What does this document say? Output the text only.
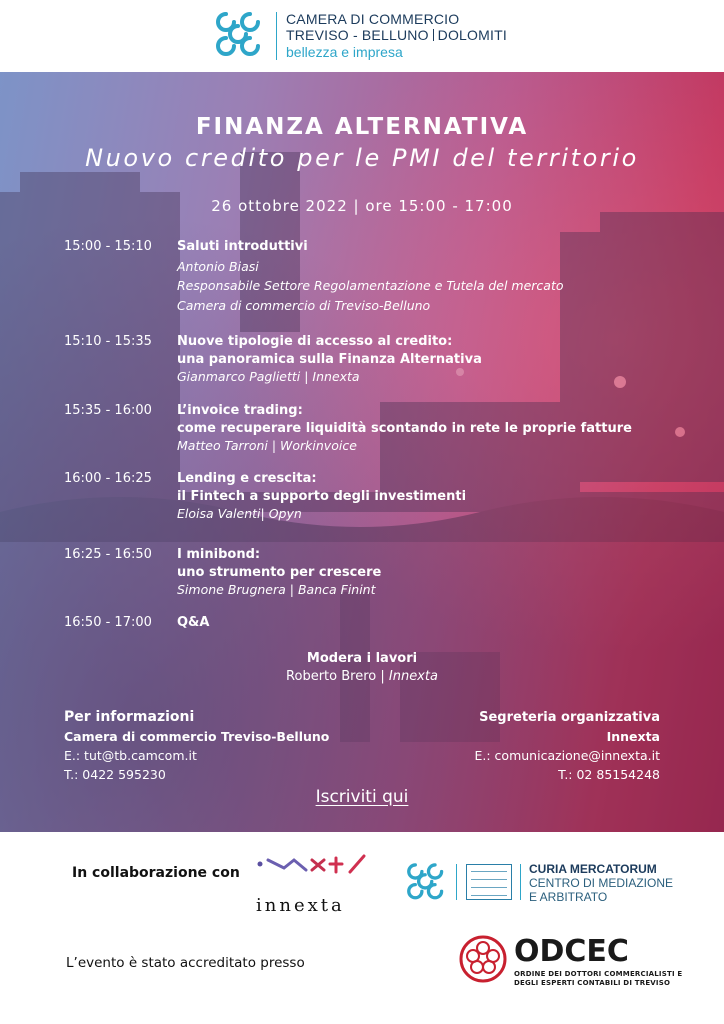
CAMERA DI COMMERCIO
TREVISO - BELLUNO DOLOMITI
bellezza e impresa
FINANZA ALTERNATIVA
Nuovo credito per le PMI del territorio
26 ottobre 2022 | ore 15:00 - 17:00
15:00 - 15:10	Saluti introduttivi
Antonio Biasi
Responsabile Settore Regolamentazione e Tutela del mercato
Camera di commercio di Treviso-Belluno
15:10 - 15:35	Nuove tipologie di accesso al credito:
una panoramica sulla Finanza Alternativa
Gianmarco Paglietti | Innexta
15:35 - 16:00	L’invoice trading:
come recuperare liquidità scontando in rete le proprie fatture
Matteo Tarroni | Workinvoice
16:00 - 16:25	Lending e crescita:
il Fintech a supporto degli investimenti
Eloisa Valenti| Opyn
16:25 - 16:50	I minibond:
uno strumento per crescere
Simone Brugnera | Banca Finint
16:50 - 17:00	Q&A
Modera i lavori
Roberto Brero | Innexta
Per informazioni
Camera di commercio Treviso-Belluno
E.: tut@tb.camcom.it
T.: 0422 595230
Segreteria organizzativa
Innexta
E.: comunicazione@innexta.it
T.: 02 85154248
Iscriviti qui
In collaborazione con
innexta
CURIA MERCATORUM
CENTRO DI MEDIAZIONE
E ARBITRATO
L’evento è stato accreditato presso	ODCEC
ORDINE DEI DOTTORI COMMERCIALISTI E
DEGLI ESPERTI CONTABILI DI TREVISO
